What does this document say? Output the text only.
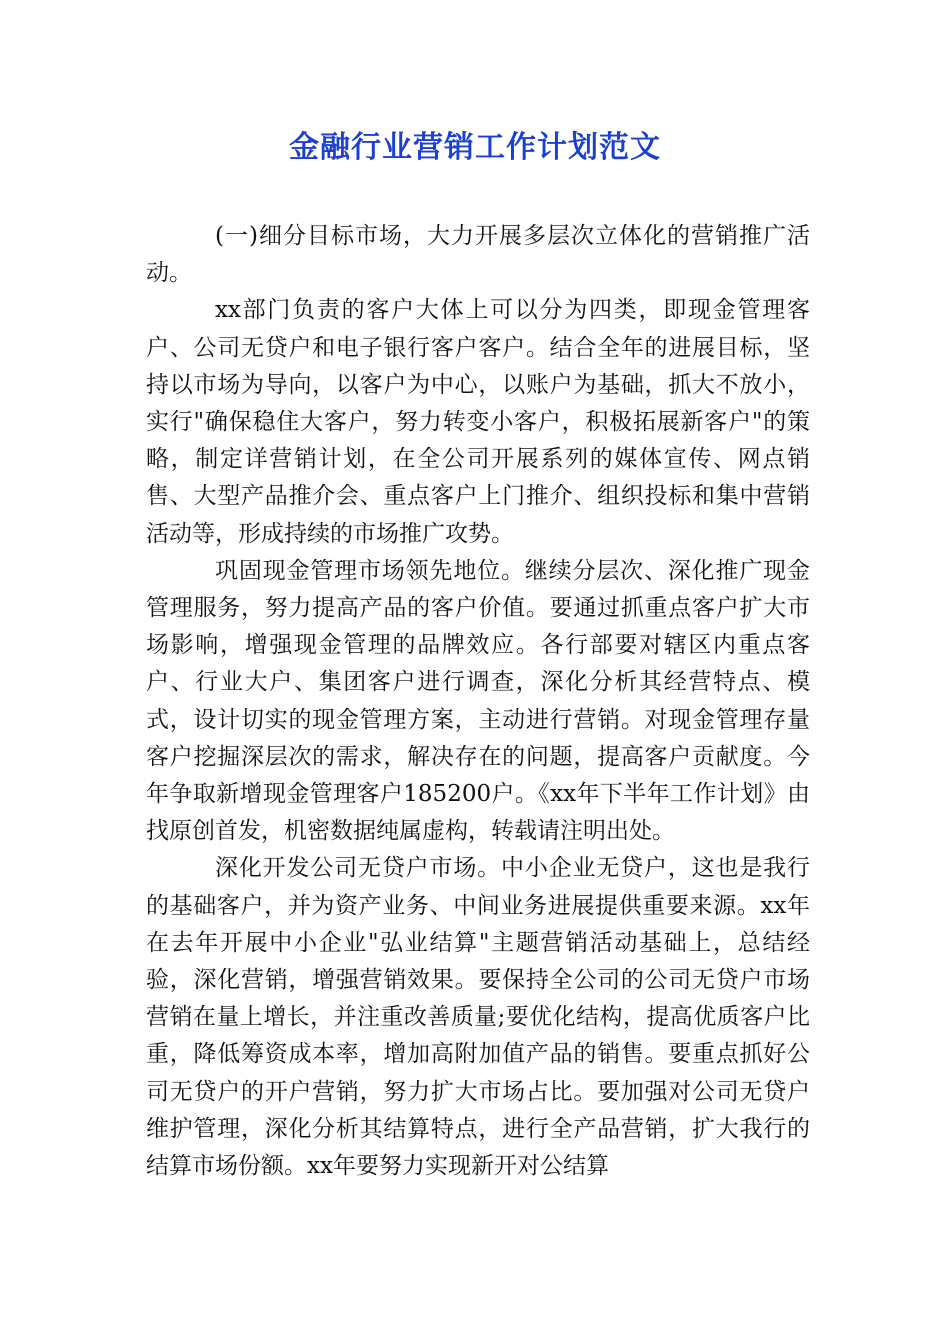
金融行业营销工作计划范文

(一)细分目标市场，大力开展多层次立体化的营销推广活动。

xx部门负责的客户大体上可以分为四类，即现金管理客户、公司无贷户和电子银行客户客户。结合全年的进展目标，坚持以市场为导向，以客户为中心，以账户为基础，抓大不放小，实行"确保稳住大客户，努力转变小客户，积极拓展新客户"的策略，制定详营销计划，在全公司开展系列的媒体宣传、网点销售、大型产品推介会、重点客户上门推介、组织投标和集中营销活动等，形成持续的市场推广攻势。

巩固现金管理市场领先地位。继续分层次、深化推广现金管理服务，努力提高产品的客户价值。要通过抓重点客户扩大市场影响，增强现金管理的品牌效应。各行部要对辖区内重点客户、行业大户、集团客户进行调查，深化分析其经营特点、模式，设计切实的现金管理方案，主动进行营销。对现金管理存量客户挖掘深层次的需求，解决存在的问题，提高客户贡献度。今年争取新增现金管理客户185200户。《xx年下半年工作计划》由找原创首发，机密数据纯属虚构，转载请注明出处。

深化开发公司无贷户市场。中小企业无贷户，这也是我行的基础客户，并为资产业务、中间业务进展提供重要来源。xx年在去年开展中小企业"弘业结算"主题营销活动基础上，总结经验，深化营销，增强营销效果。要保持全公司的公司无贷户市场营销在量上增长，并注重改善质量;要优化结构，提高优质客户比重，降低筹资成本率，增加高附加值产品的销售。要重点抓好公司无贷户的开户营销，努力扩大市场占比。要加强对公司无贷户维护管理，深化分析其结算特点，进行全产品营销，扩大我行的结算市场份额。xx年要努力实现新开对公结算
